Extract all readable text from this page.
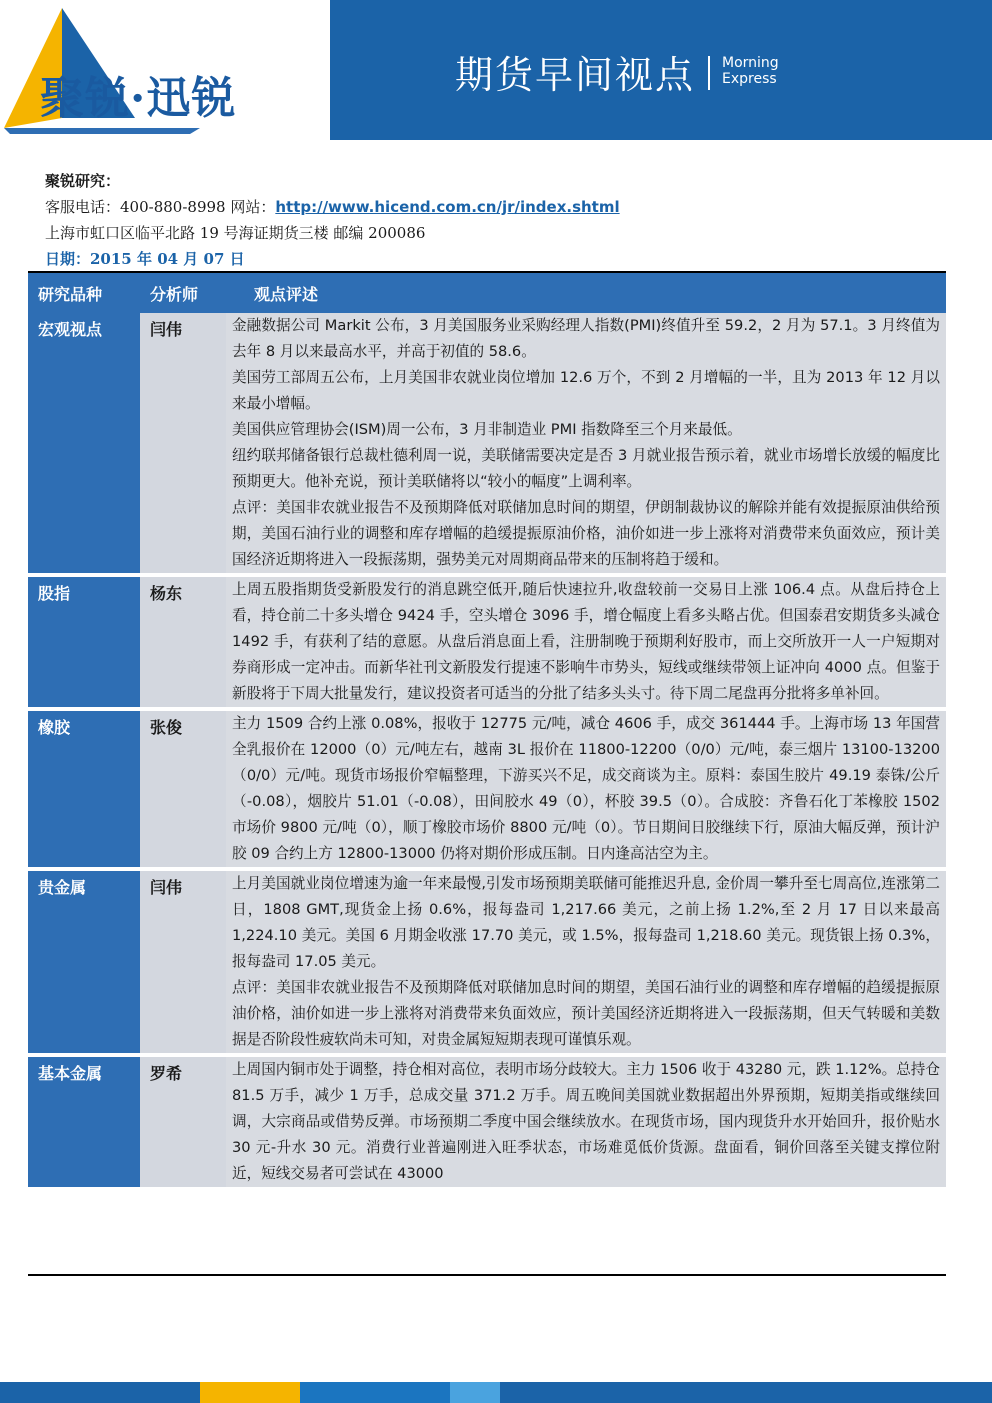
聚锐·迅锐	期货早间视点 Morning
Express
聚锐研究：
客服电话：400-880-8998 网站：http://www.hicend.com.cn/jr/index.shtml
上海市虹口区临平北路 19 号海证期货三楼 邮编 200086
日期：2015 年 04 月 07 日
研究品种	分析师	观点评述
宏观视点	闫伟	金融数据公司 Markit 公布，3 月美国服务业采购经理人指数(PMI)终值升至 59.2，2 月为 57.1。3 月终值为去年 8 月以来最高水平，并高于初值的 58.6。
美国劳工部周五公布，上月美国非农就业岗位增加 12.6 万个，不到 2 月增幅的一半，且为 2013 年 12 月以来最小增幅。
美国供应管理协会(ISM)周一公布，3 月非制造业 PMI 指数降至三个月来最低。
纽约联邦储备银行总裁杜德利周一说，美联储需要决定是否 3 月就业报告预示着，就业市场增长放缓的幅度比预期更大。他补充说，预计美联储将以“较小的幅度”上调利率。
点评：美国非农就业报告不及预期降低对联储加息时间的期望，伊朗制裁协议的解除并能有效提振原油供给预期，美国石油行业的调整和库存增幅的趋缓提振原油价格，油价如进一步上涨将对消费带来负面效应，预计美国经济近期将进入一段振荡期，强势美元对周期商品带来的压制将趋于缓和。

股指	杨东	上周五股指期货受新股发行的消息跳空低开,随后快速拉升,收盘较前一交易日上涨 106.4 点。从盘后持仓上看，持仓前二十多头增仓 9424 手，空头增仓 3096 手，增仓幅度上看多头略占优。但国泰君安期货多头减仓 1492 手，有获利了结的意愿。从盘后消息面上看，注册制晚于预期利好股市，而上交所放开一人一户短期对券商形成一定冲击。而新华社刊文新股发行提速不影响牛市势头，短线或继续带领上证冲向 4000 点。但鉴于新股将于下周大批量发行，建议投资者可适当的分批了结多头头寸。待下周二尾盘再分批将多单补回。

橡胶	张俊	主力 1509 合约上涨 0.08%，报收于 12775 元/吨，减仓 4606 手，成交 361444 手。上海市场 13 年国营全乳报价在 12000（0）元/吨左右，越南 3L 报价在 11800-12200（0/0）元/吨，泰三烟片 13100-13200（0/0）元/吨。现货市场报价窄幅整理，下游买兴不足，成交商谈为主。原料：泰国生胶片 49.19 泰铢/公斤（-0.08），烟胶片 51.01（-0.08），田间胶水 49（0），杯胶 39.5（0）。合成胶：齐鲁石化丁苯橡胶 1502 市场价 9800 元/吨（0），顺丁橡胶市场价 8800 元/吨（0）。节日期间日胶继续下行，原油大幅反弹，预计沪胶 09 合约上方 12800-13000 仍将对期价形成压制。日内逢高沽空为主。

贵金属	闫伟	上月美国就业岗位增速为逾一年来最慢,引发市场预期美联储可能推迟升息, 金价周一攀升至七周高位,连涨第二日，1808 GMT,现货金上扬 0.6%，报每盎司 1,217.66 美元，之前上扬 1.2%,至 2 月 17 日以来最高 1,224.10 美元。美国 6 月期金收涨 17.70 美元，或 1.5%，报每盎司 1,218.60 美元。现货银上扬 0.3%，报每盎司 17.05 美元。
点评：美国非农就业报告不及预期降低对联储加息时间的期望，美国石油行业的调整和库存增幅的趋缓提振原油价格，油价如进一步上涨将对消费带来负面效应，预计美国经济近期将进入一段振荡期，但天气转暖和美数据是否阶段性疲软尚未可知，对贵金属短短期表现可谨慎乐观。

基本金属	罗希	上周国内铜市处于调整，持仓相对高位，表明市场分歧较大。主力 1506 收于 43280 元，跌 1.12%。总持仓 81.5 万手，减少 1 万手，总成交量 371.2 万手。周五晚间美国就业数据超出外界预期，短期美指或继续回调，大宗商品或借势反弹。市场预期二季度中国会继续放水。在现货市场，国内现货升水开始回升，报价贴水 30 元-升水 30 元。消费行业普遍刚进入旺季状态，市场难觅低价货源。盘面看，铜价回落至关键支撑位附近，短线交易者可尝试在 43000
